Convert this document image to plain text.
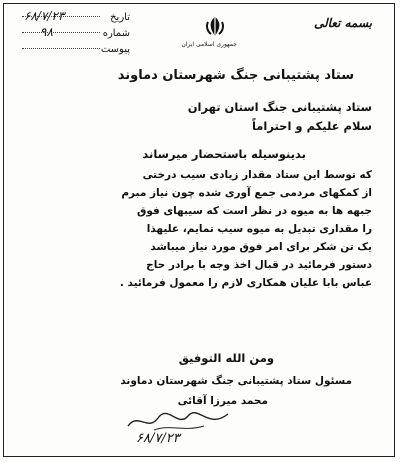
بسمه تعالی
جمهوری اسلامی ایران
تاریخ
۶۸/۷/۲۳
شماره
۹۸
پیوست
ستاد پشتیبانی جنگ شهرستان دماوند
ستاد پشتیبانی جنگ استان تهران
سلام علیکم و احتراماً
بدینوسیله باستحضار میرساند
که توسط این ستاد مقدار زیادی سیب درختی
از کمکهای مردمی جمع آوری شده چون نیاز مبرم
جبهه ها به میوه در نظر است که سیبهای فوق
را مقداری تبدیل به میوه سیب تمایم، علیهذا
یک تن شکر برای امر فوق مورد نیاز میباشد
دستور فرمائید در قبال اخذ وجه با برادر حاج
عباس بابا علیان همکاری لازم را معمول فرمائید .
ومن الله التوفیق
مسئول ستاد پشتیبانی جنگ شهرستان دماوند
محمد میرزا آقائی
۶۸/۷/۲۳
